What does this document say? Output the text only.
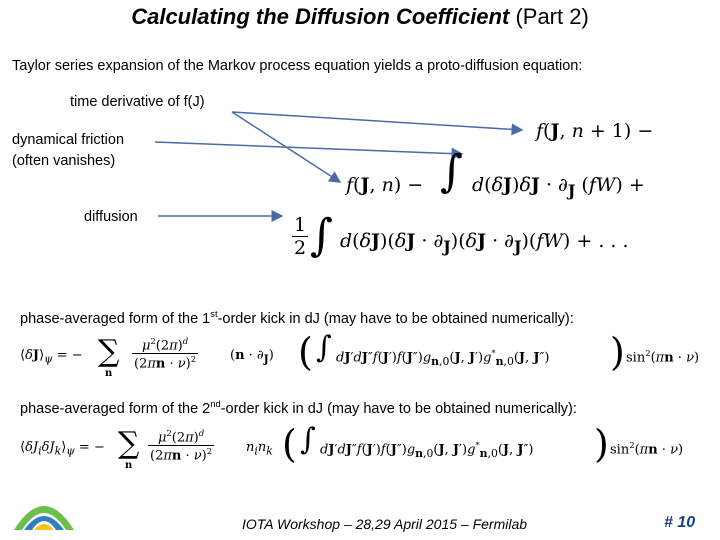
Calculating the Diffusion Coefficient (Part 2)
Taylor series expansion of the Markov process equation yields a proto-diffusion equation:
time derivative of f(J)
dynamical friction
(often vanishes)
diffusion
f(J, n + 1) −
f(J, n) − ∫ $d(\delta J)\delta J \cdot \partial_J$ (fW) +
$\frac{1}{2}$ ∫ $d(\delta J)(\delta J \cdot \partial_J)(\delta J \cdot \partial_J)(fW)$ + . . .
phase-averaged form of the 1st-order kick in dJ (may have to be obtained numerically):
$⟨\delta J⟩_\psi$ = − ∑
n
$\frac{\mu^2(2\pi)^d}{(2\pi n \cdot \nu)^2} (n \cdot \partial_J)$ ( ∫ $dJ'dJ''f(J')f(J'')g_{n,0}(J$, $J')g^*_{n,0}(J$, J″) ) $\sin^2(\pi n \cdot \nu)$
phase-averaged form of the 2nd-order kick in dJ (may have to be obtained numerically):
$⟨\delta J_i\delta J_k⟩_\psi$ = − ∑
n
$\frac{\mu^2(2\pi)^d}{(2\pi n \cdot \nu)^2} n_in_k$ ( ∫ $dJ'dJ''f(J')f(J'')g_{n,0}(J$, $J')g^*_{n,0}(J$, J″) ) $\sin^2(\pi n \cdot \nu)$
IOTA Workshop – 28,29 April 2015 – Fermilab	# 10
